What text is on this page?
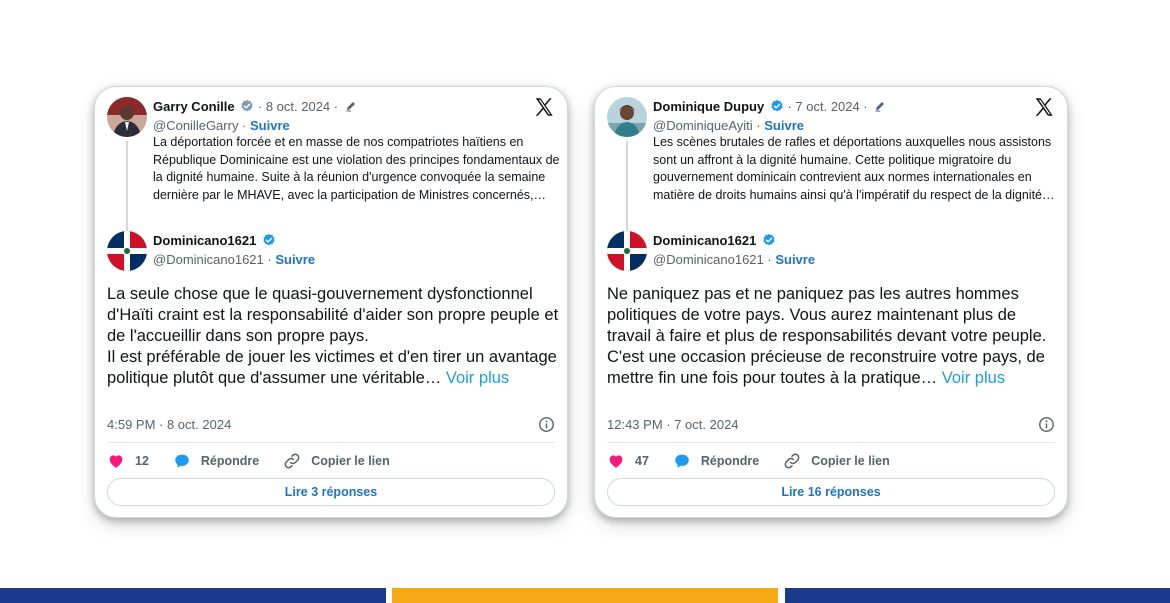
Garry Conille · 8 oct. 2024 ·
@ConilleGarry · Suivre
La déportation forcée et en masse de nos compatriotes haïtiens en République Dominicaine est une violation des principes fondamentaux de la dignité humaine. Suite à la réunion d'urgence convoquée la semaine dernière par le MHAVE, avec la participation de Ministres concernés,…
Dominicano1621
@Dominicano1621 · Suivre
La seule chose que le quasi-gouvernement dysfonctionnel d'Haïti craint est la responsabilité d'aider son propre peuple et de l'accueillir dans son propre pays.
Il est préférable de jouer les victimes et d'en tirer un avantage politique plutôt que d'assumer une véritable… Voir plus
4:59 PM · 8 oct. 2024
12	Répondre	Copier le lien
Lire 3 réponses
Dominique Dupuy · 7 oct. 2024 ·
@DominiqueAyiti · Suivre
Les scènes brutales de rafles et déportations auxquelles nous assistons sont un affront à la dignité humaine. Cette politique migratoire du gouvernement dominicain contrevient aux normes internationales en matière de droits humains ainsi qu'à l'impératif du respect de la dignité…
Dominicano1621
@Dominicano1621 · Suivre
Ne paniquez pas et ne paniquez pas les autres hommes politiques de votre pays. Vous aurez maintenant plus de travail à faire et plus de responsabilités devant votre peuple. C'est une occasion précieuse de reconstruire votre pays, de mettre fin une fois pour toutes à la pratique… Voir plus
12:43 PM · 7 oct. 2024
47	Répondre	Copier le lien
Lire 16 réponses
